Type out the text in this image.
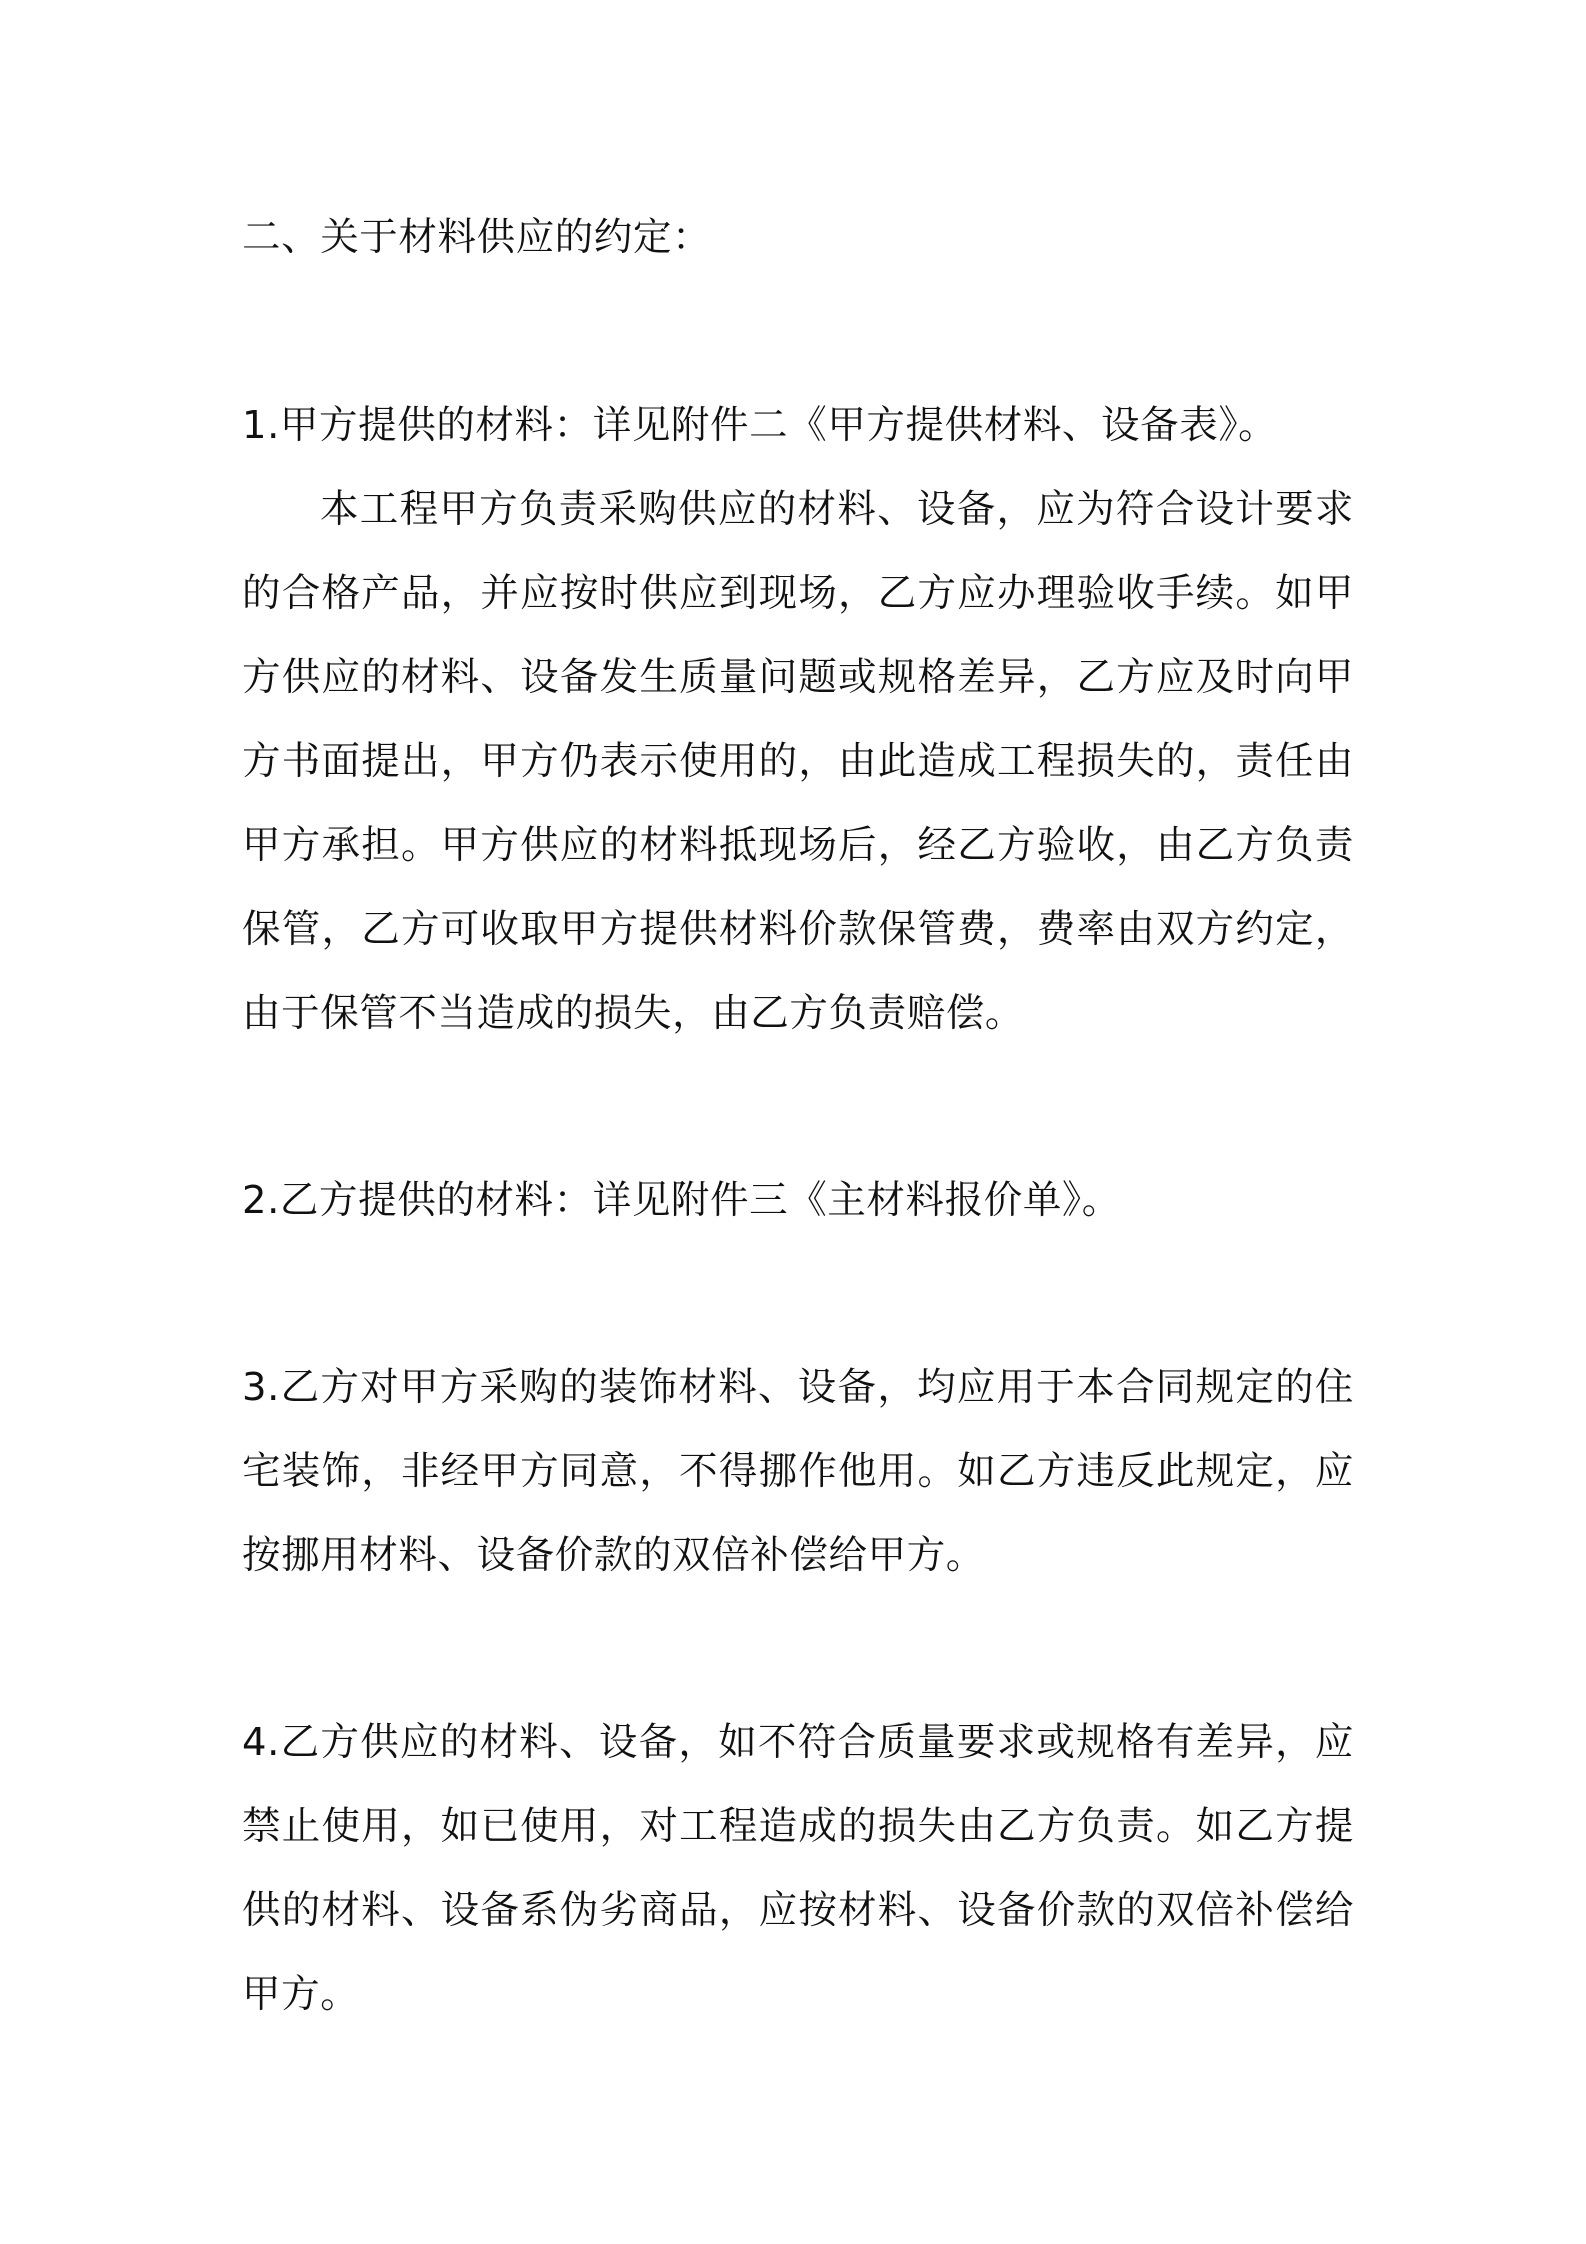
二、关于材料供应的约定：

1.甲方提供的材料：详见附件二《甲方提供材料、设备表》。

本工程甲方负责采购供应的材料、设备，应为符合设计要求的合格产品，并应按时供应到现场，乙方应办理验收手续。如甲方供应的材料、设备发生质量问题或规格差异，乙方应及时向甲方书面提出，甲方仍表示使用的，由此造成工程损失的，责任由甲方承担。甲方供应的材料抵现场后，经乙方验收，由乙方负责保管，乙方可收取甲方提供材料价款保管费，费率由双方约定，由于保管不当造成的损失，由乙方负责赔偿。

2.乙方提供的材料：详见附件三《主材料报价单》。

3.乙方对甲方采购的装饰材料、设备，均应用于本合同规定的住宅装饰，非经甲方同意，不得挪作他用。如乙方违反此规定，应按挪用材料、设备价款的双倍补偿给甲方。

4.乙方供应的材料、设备，如不符合质量要求或规格有差异，应禁止使用，如已使用，对工程造成的损失由乙方负责。如乙方提供的材料、设备系伪劣商品，应按材料、设备价款的双倍补偿给甲方。
